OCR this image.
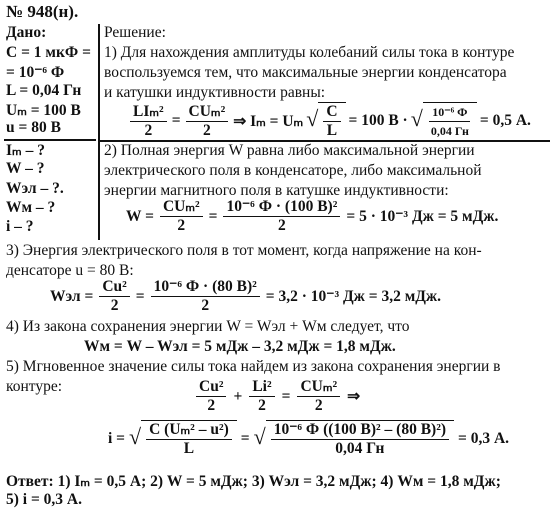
№ 948(н).
Дано:
C = 1 мкФ =
= 10⁻⁶ Ф
L = 0,04 Гн
Uₘ = 100 В
u = 80 В
Iₘ – ?
W – ?
Wэл – ?.
Wм – ?
i – ?
Решение:
1) Для нахождения амплитуды колебаний силы тока в контуре
воспользуемся тем, что максимальные энергии конденсатора
и катушки индуктивности равны:
$\frac{\text{LIₘ²}}{2} = \frac{\text{CUₘ²}}{2}$ ⇒ Iₘ = Uₘ √ $\frac{C}{L} = 100$ В · √ $\frac{\text{10⁻⁶ Ф}}{0,04 Гн} = 0,5$ А.
2) Полная энергия W равна либо максимальной энергии
электрического поля в конденсаторе, либо максимальной
энергии магнитного поля в катушке индуктивности:
$W = \frac{\text{CUₘ²}}{2} = \frac{\text{10⁻⁶ Ф · (100 В)²}}{2} = 5 \cdot 10^{-3}$ Дж = 5 мДж.
3) Энергия электрического поля в тот момент, когда напряжение на кон-
денсаторе u = 80 В:
Wэл = $\frac{\text{Cu²}}{2} = \frac{\text{10⁻⁶ Ф · (80 В)²}}{2} = 3,2 \cdot 10^{-3}$ Дж = 3,2 мДж.
4) Из закона сохранения энергии W = Wэл + Wм следует, что
Wм = W – Wэл = 5 мДж – 3,2 мДж = 1,8 мДж.
5) Мгновенное значение силы тока найдем из закона сохранения энергии в
контуре:	$\frac{\text{Cu²}}{2} + \frac{\text{Li²}}{2} = \frac{\text{CUₘ²}}{2}$ ⇒
i = √ $\frac{\text{C (Uₘ² – u²)}}{L}$ = √ $\frac{\text{10⁻⁶ Ф ((100 В)² – (80 В)²)}}{0,04 Гн} = 0,3$ А.
Ответ: 1) Iₘ = 0,5 А; 2) W = 5 мДж; 3) Wэл = 3,2 мДж; 4) Wм = 1,8 мДж;
5) i = 0,3 А.
